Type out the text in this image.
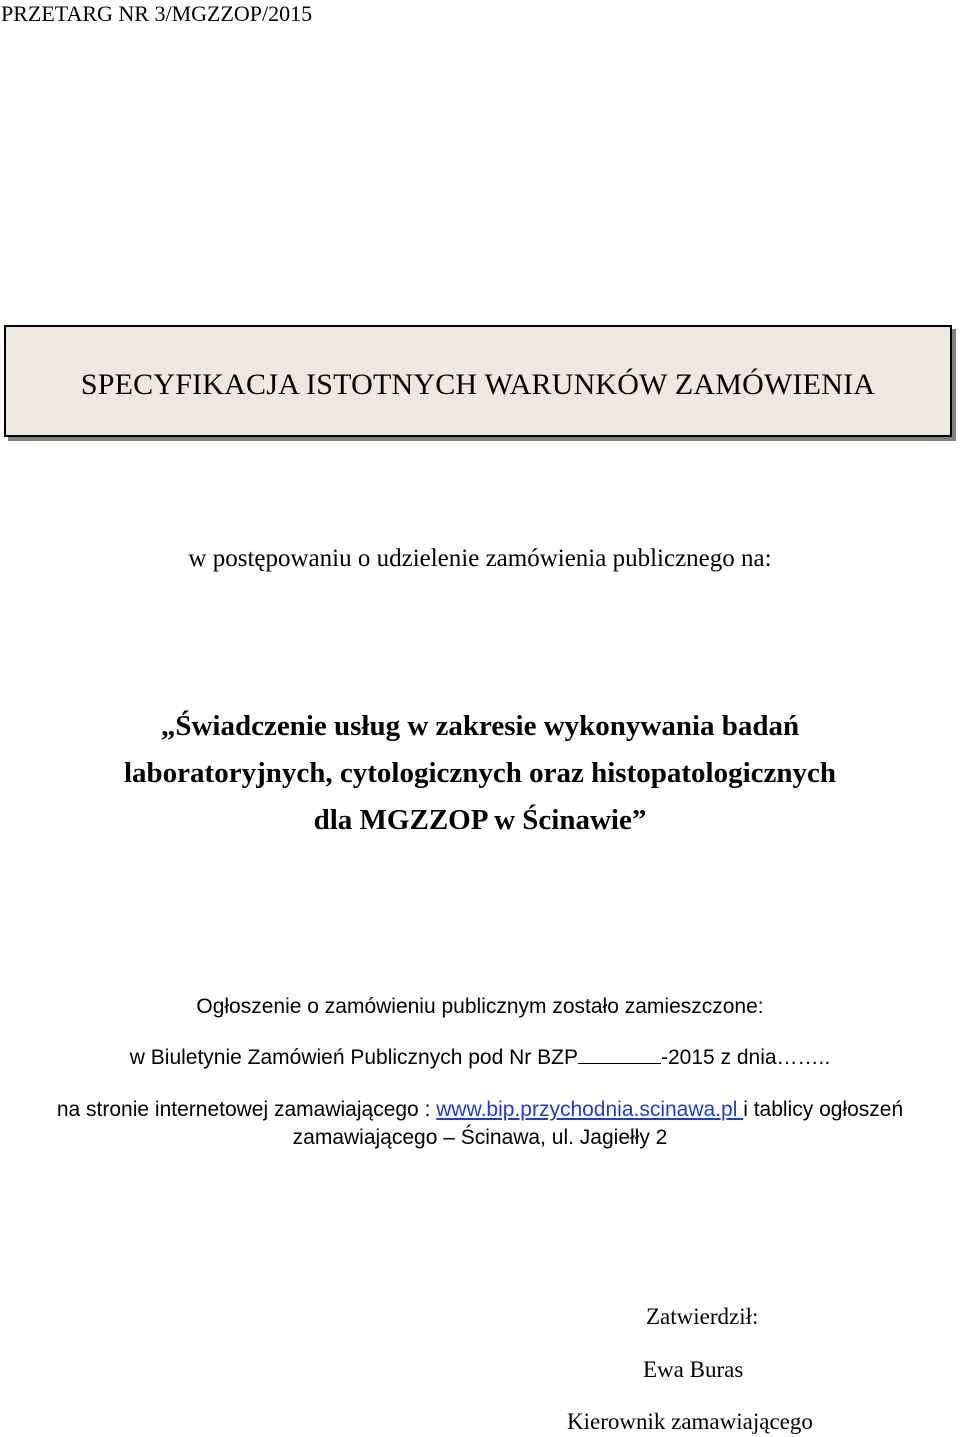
PRZETARG NR 3/MGZZOP/2015
SPECYFIKACJA ISTOTNYCH WARUNKÓW ZAMÓWIENIA
w postępowaniu o udzielenie zamówienia publicznego na:
„Świadczenie usług w zakresie wykonywania badań
laboratoryjnych, cytologicznych oraz histopatologicznych
dla MGZZOP w Ścinawie”
Ogłoszenie o zamówieniu publicznym zostało zamieszczone:
w Biuletynie Zamówień Publicznych pod Nr BZP	-2015 z dnia……..
na stronie internetowej zamawiającego : www.bip.przychodnia.scinawa.pl i tablicy ogłoszeń
zamawiającego – Ścinawa, ul. Jagiełły 2
Zatwierdził:
Ewa Buras
Kierownik zamawiającego
